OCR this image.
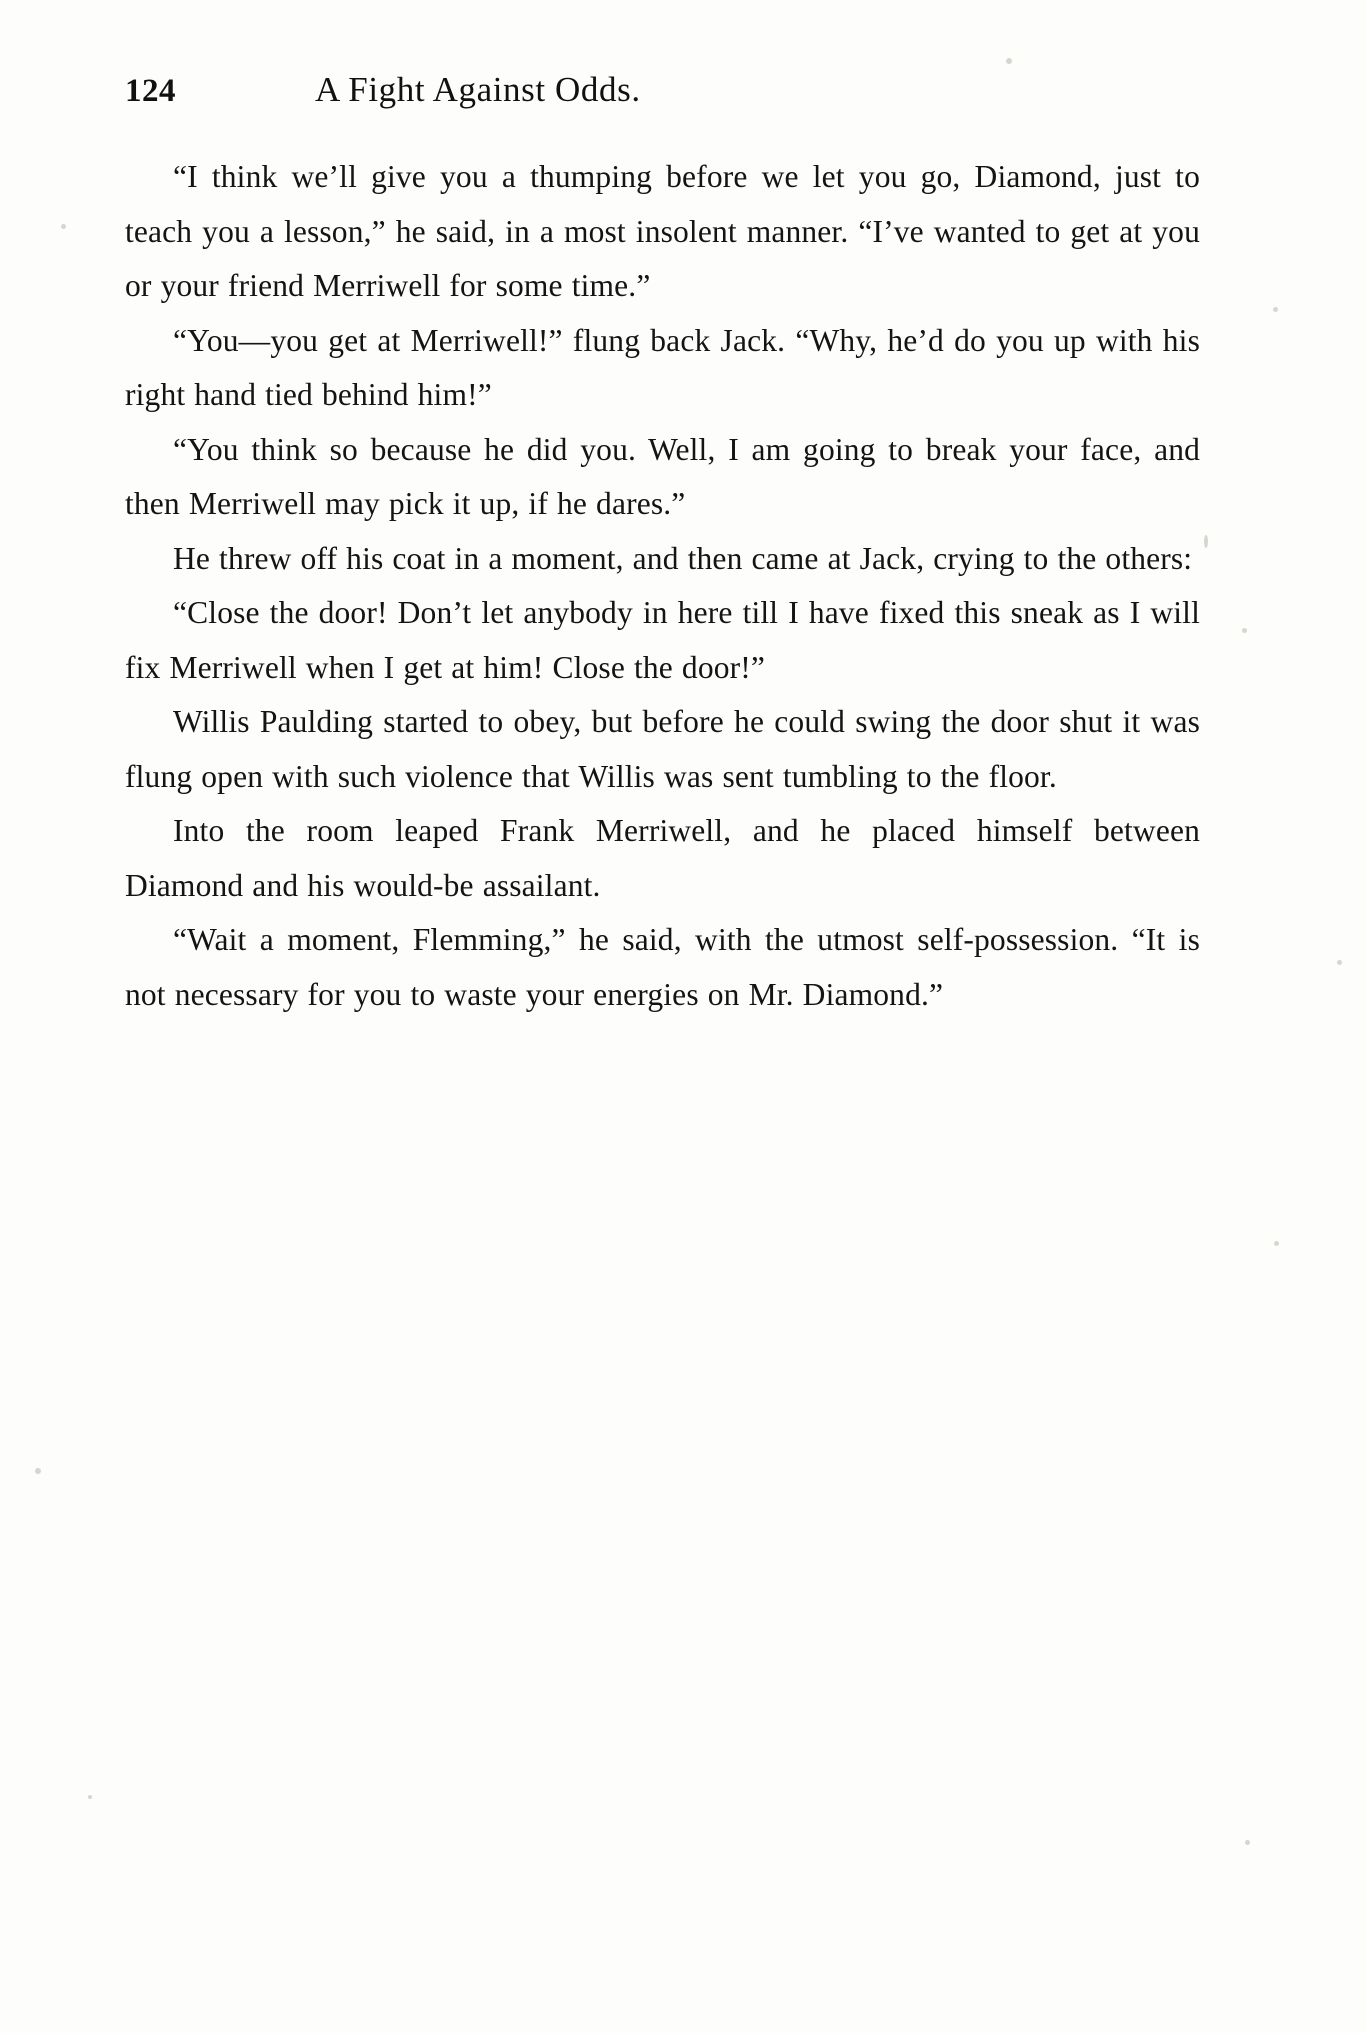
124	A Fight Against Odds.

“I think we’ll give you a thumping before we let you go, Diamond, just to teach you a lesson,” he said, in a most insolent manner. “I’ve wanted to get at you or your friend Merriwell for some time.”

“You—you get at Merriwell!” flung back Jack. “Why, he’d do you up with his right hand tied behind him!”

“You think so because he did you. Well, I am going to break your face, and then Merriwell may pick it up, if he dares.”

He threw off his coat in a moment, and then came at Jack, crying to the others:

“Close the door! Don’t let anybody in here till I have fixed this sneak as I will fix Merriwell when I get at him! Close the door!”

Willis Paulding started to obey, but before he could swing the door shut it was flung open with such violence that Willis was sent tumbling to the floor.

Into the room leaped Frank Merriwell, and he placed himself between Diamond and his would-be assailant.

“Wait a moment, Flemming,” he said, with the utmost self-possession. “It is not necessary for you to waste your energies on Mr. Diamond.”
